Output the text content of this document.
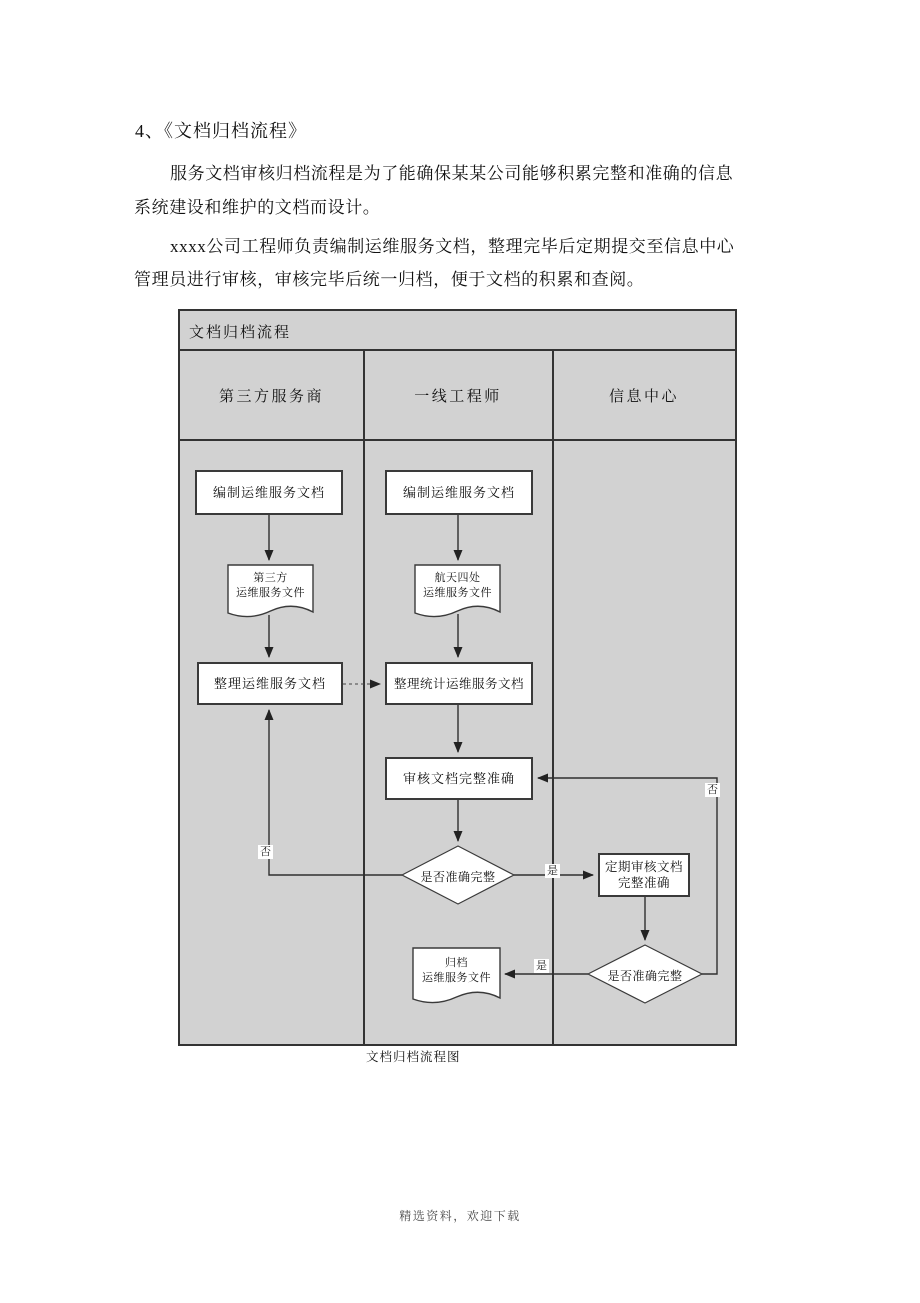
4、《文档归档流程》
服务文档审核归档流程是为了能确保某某公司能够积累完整和准确的信息
系统建设和维护的文档而设计。
xxxx公司工程师负责编制运维服务文档，整理完毕后定期提交至信息中心
管理员进行审核，审核完毕后统一归档，便于文档的积累和查阅。
文档归档流程
第三方服务商	一线工程师	信息中心
编制运维服务文档
整理运维服务文档
编制运维服务文档
整理统计运维服务文档
审核文档完整准确
定期审核文档
完整准确
第三方
运维服务文件
航天四处
运维服务文件
归档
运维服务文件
是否准确完整
是否准确完整
否
是
是
否
文档归档流程图
精选资料，欢迎下载
